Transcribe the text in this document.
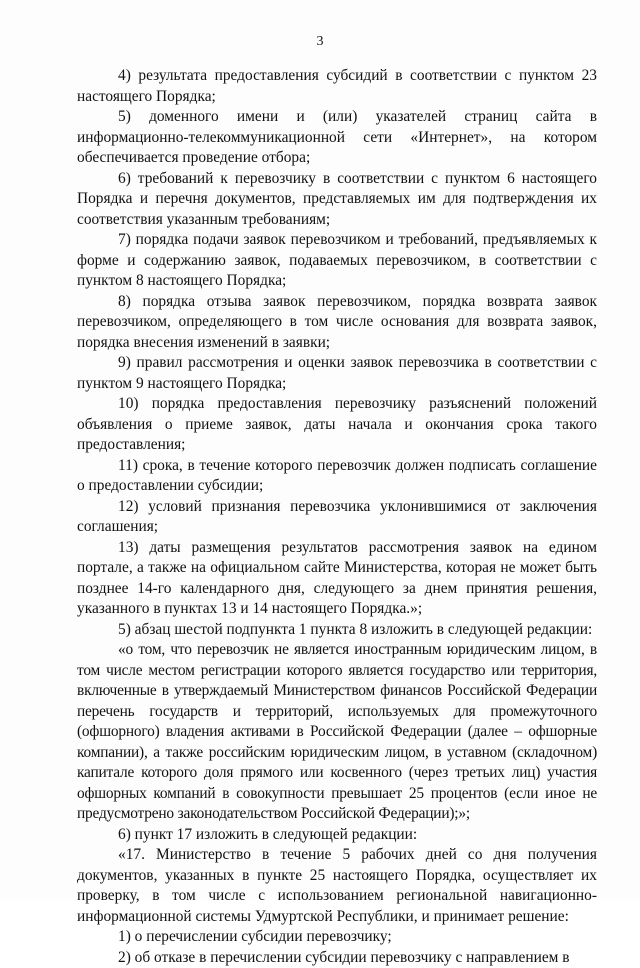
3

4) результата предоставления субсидий в соответствии с пунктом 23 настоящего Порядка;

5) доменного имени и (или) указателей страниц сайта в информационно-телекоммуникационной сети «Интернет», на котором обеспечивается проведение отбора;

6) требований к перевозчику в соответствии с пунктом 6 настоящего Порядка и перечня документов, представляемых им для подтверждения их соответствия указанным требованиям;

7) порядка подачи заявок перевозчиком и требований, предъявляемых к форме и содержанию заявок, подаваемых перевозчиком, в соответствии с пунктом 8 настоящего Порядка;

8) порядка отзыва заявок перевозчиком, порядка возврата заявок перевозчиком, определяющего в том числе основания для возврата заявок, порядка внесения изменений в заявки;

9) правил рассмотрения и оценки заявок перевозчика в соответствии с пунктом 9 настоящего Порядка;

10) порядка предоставления перевозчику разъяснений положений объявления о приеме заявок, даты начала и окончания срока такого предоставления;

11) срока, в течение которого перевозчик должен подписать соглашение о предоставлении субсидии;

12) условий признания перевозчика уклонившимися от заключения соглашения;

13) даты размещения результатов рассмотрения заявок на едином портале, а также на официальном сайте Министерства, которая не может быть позднее 14-го календарного дня, следующего за днем принятия решения, указанного в пунктах 13 и 14 настоящего Порядка.»;

5) абзац шестой подпункта 1 пункта 8 изложить в следующей редакции:

«о том, что перевозчик не является иностранным юридическим лицом, в том числе местом регистрации которого является государство или территория, включенные в утверждаемый Министерством финансов Российской Федерации перечень государств и территорий, используемых для промежуточного (офшорного) владения активами в Российской Федерации (далее – офшорные компании), а также российским юридическим лицом, в уставном (складочном) капитале которого доля прямого или косвенного (через третьих лиц) участия офшорных компаний в совокупности превышает 25 процентов (если иное не предусмотрено законодательством Российской Федерации);»;

6) пункт 17 изложить в следующей редакции:

«17. Министерство в течение 5 рабочих дней со дня получения документов, указанных в пункте 25 настоящего Порядка, осуществляет их проверку, в том числе с использованием региональной навигационно-информационной системы Удмуртской Республики, и принимает решение:

1) о перечислении субсидии перевозчику;

2) об отказе в перечислении субсидии перевозчику с направлением в
